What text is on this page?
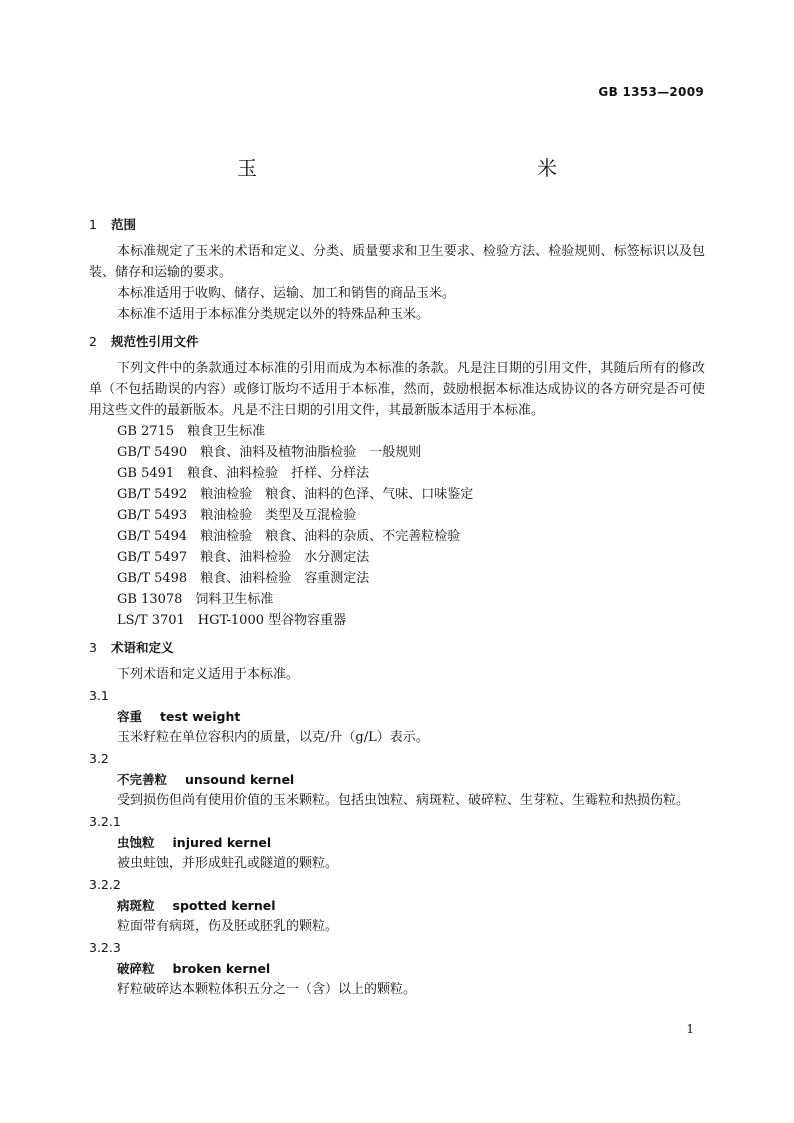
GB 1353—2009
玉　　米
1 范围

本标准规定了玉米的术语和定义、分类、质量要求和卫生要求、检验方法、检验规则、标签标识以及包装、储存和运输的要求。

本标准适用于收购、储存、运输、加工和销售的商品玉米。

本标准不适用于本标准分类规定以外的特殊品种玉米。

2 规范性引用文件

下列文件中的条款通过本标准的引用而成为本标准的条款。凡是注日期的引用文件，其随后所有的修改单（不包括勘误的内容）或修订版均不适用于本标准，然而，鼓励根据本标准达成协议的各方研究是否可使用这些文件的最新版本。凡是不注日期的引用文件，其最新版本适用于本标准。

GB 2715　粮食卫生标准

GB/T 5490　粮食、油料及植物油脂检验　一般规则

GB 5491　粮食、油料检验　扦样、分样法

GB/T 5492　粮油检验　粮食、油料的色泽、气味、口味鉴定

GB/T 5493　粮油检验　类型及互混检验

GB/T 5494　粮油检验　粮食、油料的杂质、不完善粒检验

GB/T 5497　粮食、油料检验　水分测定法

GB/T 5498　粮食、油料检验　容重测定法

GB 13078　饲料卫生标准

LS/T 3701　HGT-1000 型谷物容重器

3 术语和定义

下列术语和定义适用于本标准。

3.1

容重 test weight

玉米籽粒在单位容积内的质量，以克/升（g/L）表示。

3.2

不完善粒 unsound kernel

受到损伤但尚有使用价值的玉米颗粒。包括虫蚀粒、病斑粒、破碎粒、生芽粒、生霉粒和热损伤粒。

3.2.1

虫蚀粒 injured kernel

被虫蛀蚀，并形成蛀孔或隧道的颗粒。

3.2.2

病斑粒 spotted kernel

粒面带有病斑，伤及胚或胚乳的颗粒。

3.2.3

破碎粒 broken kernel

籽粒破碎达本颗粒体积五分之一（含）以上的颗粒。

1
